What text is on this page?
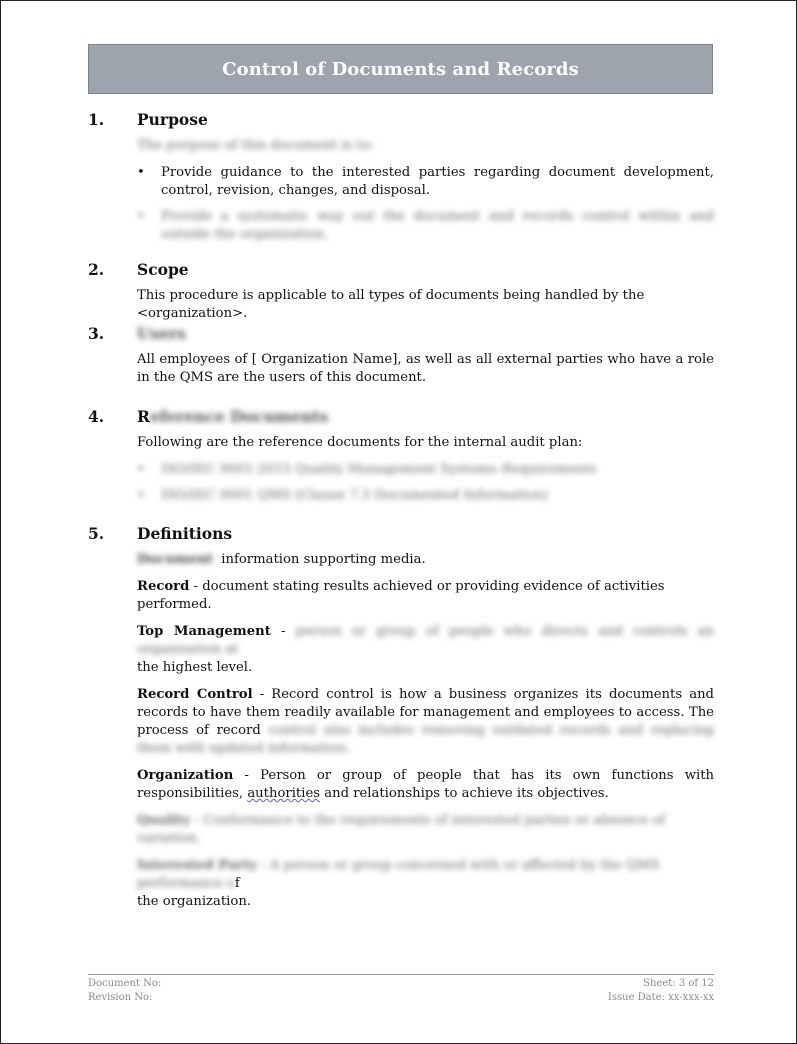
Control of Documents and Records
1.	Purpose

The purpose of this document is to:

• Provide guidance to the interested parties regarding document development, control, revision, changes, and disposal.
• Provide a systematic way out the document and records control within and outside the organization.
2.	Scope

This procedure is applicable to all types of documents being handled by the <organization>.

3.	Users

All employees of [ Organization Name], as well as all external parties who have a role in the QMS are the users of this document.

4.	Reference Documents

Following are the reference documents for the internal audit plan:

• ISO/IEC 9001:2015 Quality Management Systems–Requirements
• ISO/IEC 9001 QMS (Clause 7.5 Documented Information)
5.	Definitions

Document information supporting media.

Record - document stating results achieved or providing evidence of activities performed.

Top Management - person or group of people who directs and controls an organization at
the highest level.

Record Control - Record control is how a business organizes its documents and records to have them readily available for management and employees to access. The process of record control also includes removing outdated records and replacing them with updated information.

Organization - Person or group of people that has its own functions with responsibilities, authorities and relationships to achieve its objectives.

Quality - Conformance to the requirements of interested parties or absence of variation.

Interested Party - A person or group concerned with or affected by the QMS performance of
the organization.

Document No:
Revision No:
Sheet: 3 of 12
Issue Date: xx-xxx-xx
